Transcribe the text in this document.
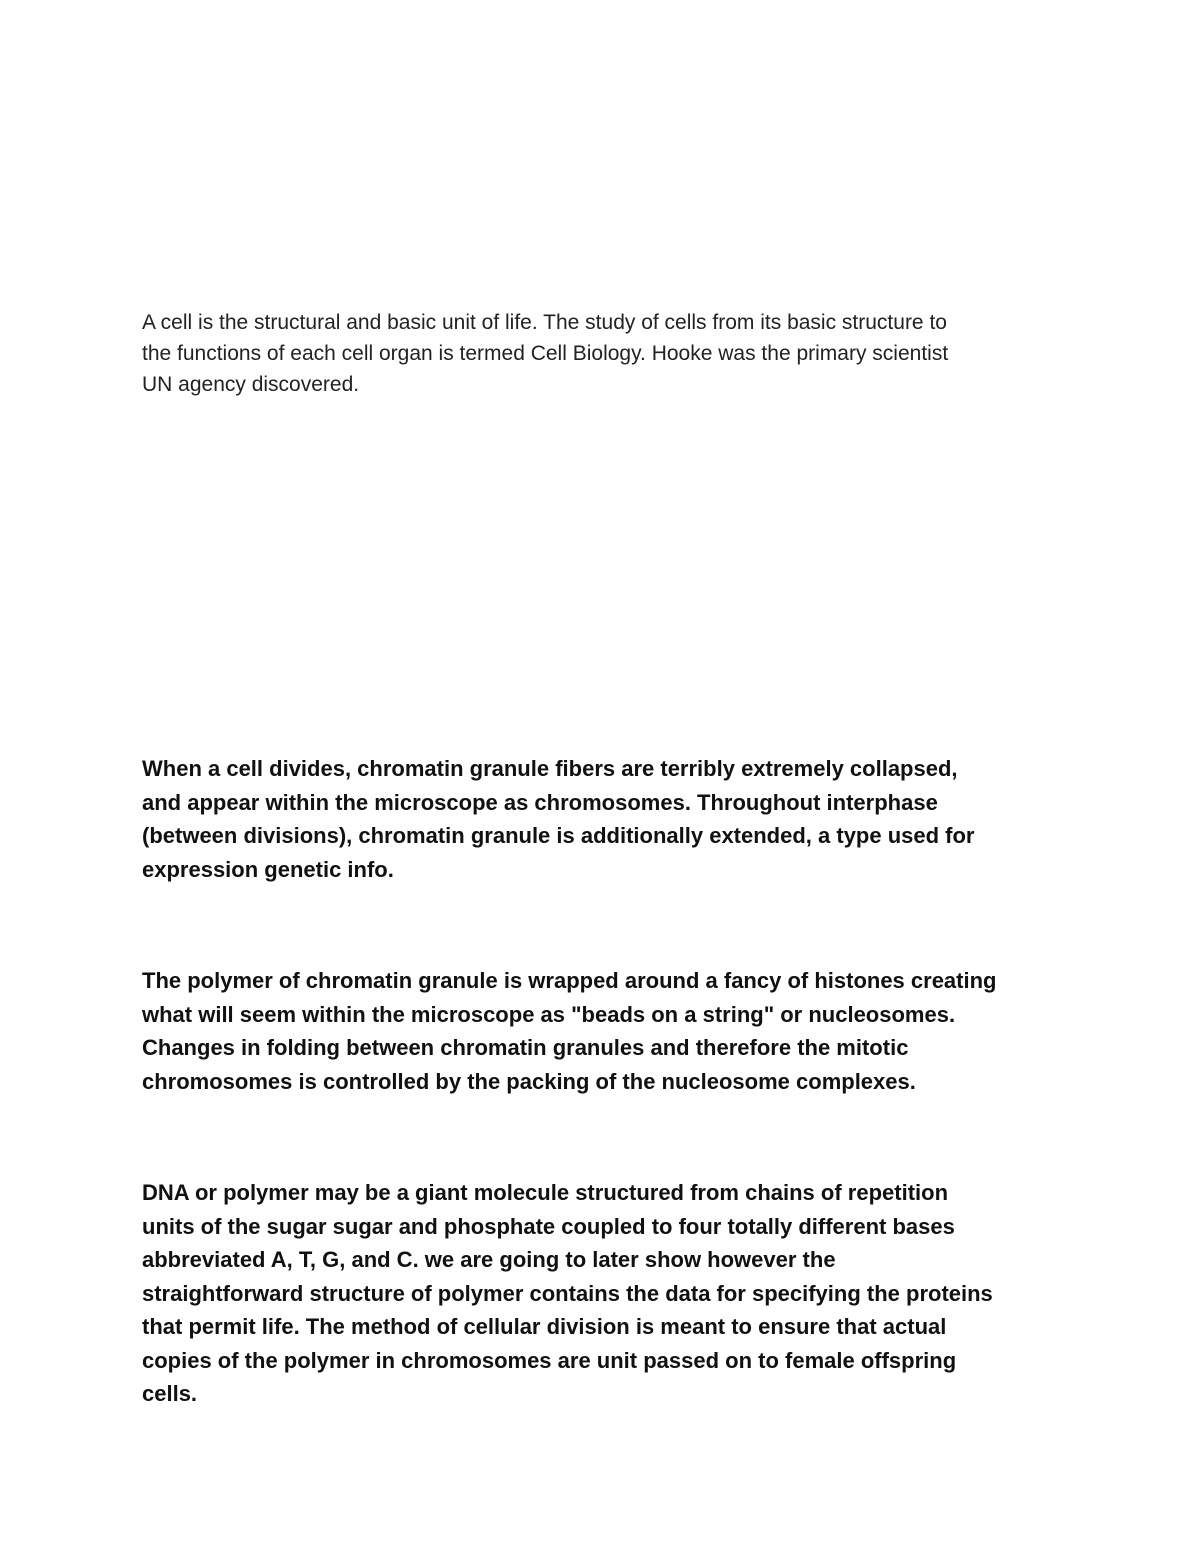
A cell is the structural and basic unit of life. The study of cells from its basic structure to
the functions of each cell organ is termed Cell Biology. Hooke was the primary scientist
UN agency discovered.

When a cell divides, chromatin granule fibers are terribly extremely collapsed,
and appear within the microscope as chromosomes. Throughout interphase
(between divisions), chromatin granule is additionally extended, a type used for
expression genetic info.

The polymer of chromatin granule is wrapped around a fancy of histones creating
what will seem within the microscope as "beads on a string" or nucleosomes.
Changes in folding between chromatin granules and therefore the mitotic
chromosomes is controlled by the packing of the nucleosome complexes.

DNA or polymer may be a giant molecule structured from chains of repetition
units of the sugar sugar and phosphate coupled to four totally different bases
abbreviated A, T, G, and C. we are going to later show however the
straightforward structure of polymer contains the data for specifying the proteins
that permit life. The method of cellular division is meant to ensure that actual
copies of the polymer in chromosomes are unit passed on to female offspring
cells.
